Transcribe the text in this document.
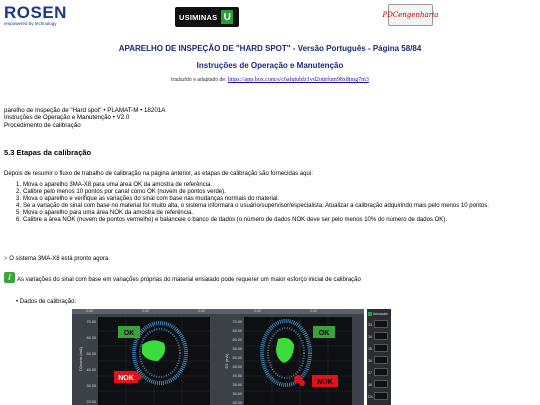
ROSEN
empowered by technology
USIMINAS U	PDCengenharia
APARELHO DE INSPEÇÃO DE "HARD SPOT" - Versão Português - Página 58/84
Instruções de Operação e Manutenção
traduzido e adaptado de: https://app.box.com/s/c6afqtuhfz1vd2ottrfum98x8jmg7m3
parelho de Inspeção de "Hard spot" • PLAMAT-M • 18201A
Instruções de Operação e Manutenção • V2.0
Procedimento de calibração
5.3 Etapas da calibração
Depois de resumir o fluxo de trabalho de calibração na página anterior, as etapas de calibração são fornecidas aqui:
1. Mova o aparelho 3MA-X8 para uma área OK da amostra de referência.
2. Calibre pelo menos 10 pontos por canal como OK (nuvem de pontos verde).
3. Mova o aparelho e verifique as variações do sinal com base nas mudanças normais do material.
4. Se a variação do sinal com base no material for muito alta, o sistema informará o usuário/supervisor/especialista. Atualizar a calibração adquirindo mais pelo menos 10 pontos.
5. Mova o aparelho para uma área NOK da amostra de referência.
6. Calibre a área NOK (nuvem de pontos vermelho) e balanceie o banco de dados (o número de dados NOK deve ser pelo menos 10% do número de dados OK).
> O sistema 3MA-X8 está pronto agora.
i	As variações do sinal com base em variações próprias do material ensaiado pode requerer um maior esforço inicial de calibração
• Dados de calibração:
0.00	0.00	0.00	0.00	0.00
D2norm (mA)	D2 (mA)
70.00
60.00
50.00
40.00
30.00
20.00
70.00
65.00
60.00
55.00
50.00
45.00
40.00
35.00
30.00
25.00
OK
NOK
OK
NOK
Autoscale
33
34
35
36
37
38
DX
